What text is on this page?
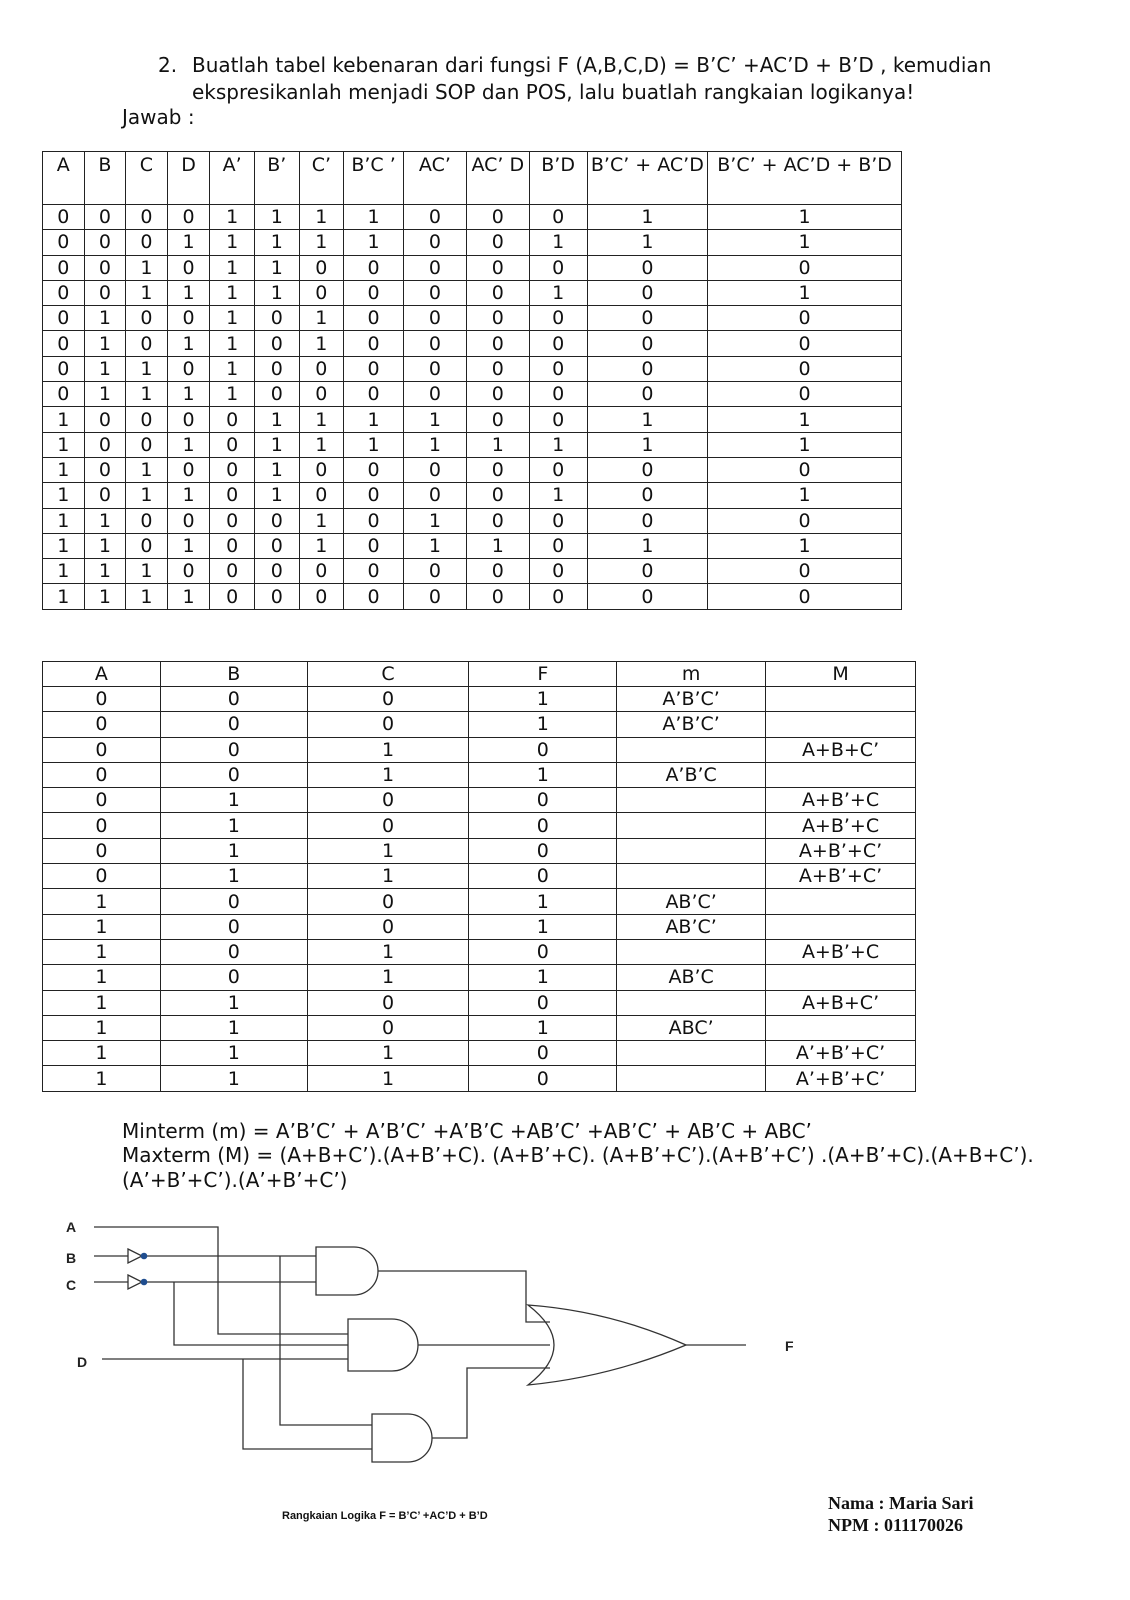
2. Buatlah tabel kebenaran dari fungsi F (A,B,C,D) = B’C’ +AC’D + B’D , kemudian ekspresikanlah menjadi SOP dan POS, lalu buatlah rangkaian logikanya!
Jawab :
A	B	C	D	A’	B’	C’	B’C ’	AC’	AC’ D	B’D	B’C’ + AC’D	B’C’ + AC’D + B’D
0	0	0	0	1	1	1	1	0	0	0	1	1
0	0	0	1	1	1	1	1	0	0	1	1	1
0	0	1	0	1	1	0	0	0	0	0	0	0
0	0	1	1	1	1	0	0	0	0	1	0	1
0	1	0	0	1	0	1	0	0	0	0	0	0
0	1	0	1	1	0	1	0	0	0	0	0	0
0	1	1	0	1	0	0	0	0	0	0	0	0
0	1	1	1	1	0	0	0	0	0	0	0	0
1	0	0	0	0	1	1	1	1	0	0	1	1
1	0	0	1	0	1	1	1	1	1	1	1	1
1	0	1	0	0	1	0	0	0	0	0	0	0
1	0	1	1	0	1	0	0	0	0	1	0	1
1	1	0	0	0	0	1	0	1	0	0	0	0
1	1	0	1	0	0	1	0	1	1	0	1	1
1	1	1	0	0	0	0	0	0	0	0	0	0
1	1	1	1	0	0	0	0	0	0	0	0	0
A	B	C	F	m	M
0	0	0	1	A’B’C’	
0	0	0	1	A’B’C’	
0	0	1	0		A+B+C’
0	0	1	1	A’B’C	
0	1	0	0		A+B’+C
0	1	0	0		A+B’+C
0	1	1	0		A+B’+C’
0	1	1	0		A+B’+C’
1	0	0	1	AB’C’	
1	0	0	1	AB’C’	
1	0	1	0		A+B’+C
1	0	1	1	AB’C	
1	1	0	0		A+B+C’
1	1	0	1	ABC’	
1	1	1	0		A’+B’+C’
1	1	1	0		A’+B’+C’
Minterm (m) = A’B’C’ + A’B’C’ +A’B’C +AB’C’ +AB’C’ + AB’C + ABC’
Maxterm (M) = (A+B+C’).(A+B’+C). (A+B’+C). (A+B’+C’).(A+B’+C’) .(A+B’+C).(A+B+C’).
(A’+B’+C’).(A’+B’+C’)
A
B
C
D
F
Rangkaian Logika F = B’C’ +AC’D + B’D
Nama : Maria Sari
NPM : 011170026
